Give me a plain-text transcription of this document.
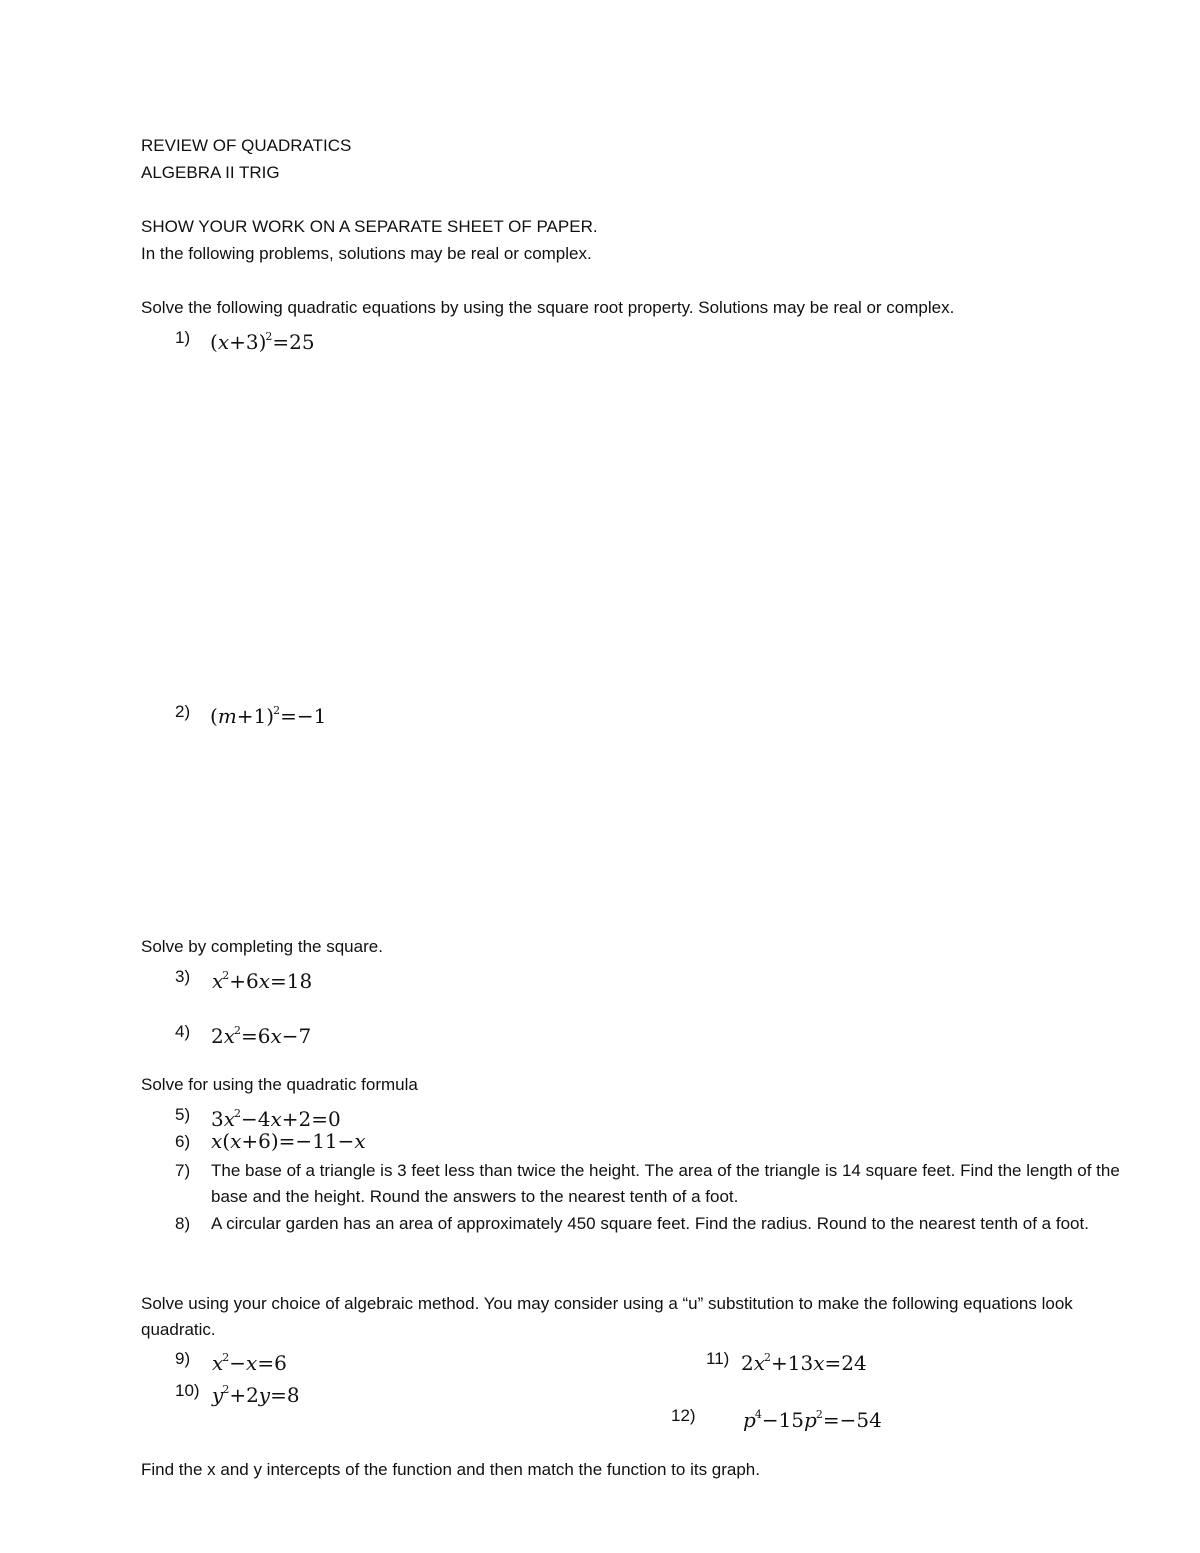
REVIEW OF QUADRATICS
ALGEBRA II TRIG
SHOW YOUR WORK ON A SEPARATE SHEET OF PAPER.
In the following problems, solutions may be real or complex.
Solve the following quadratic equations by using the square root property. Solutions may be real or complex.
1) $(x+3)^2=25$
2) $(m+1)^2=-1$
Solve by completing the square.
3) $x^2+6x=18$
4) $2x^2=6x-7$
Solve for using the quadratic formula
5) $3x^2-4x+2=0$
6) x(x+6)=−11−x
7) The base of a triangle is 3 feet less than twice the height. The area of the triangle is 14 square feet. Find the length of the base and the height. Round the answers to the nearest tenth of a foot.
8) A circular garden has an area of approximately 450 square feet. Find the radius. Round to the nearest tenth of a foot.
Solve using your choice of algebraic method. You may consider using a “u” substitution to make the following equations look quadratic.
9) $x^2-x=6$
10) $y^2+2y=8$
11) $2x^2+13x=24$
12) $p^4-15p^2=-54$
Find the x and y intercepts of the function and then match the function to its graph.
